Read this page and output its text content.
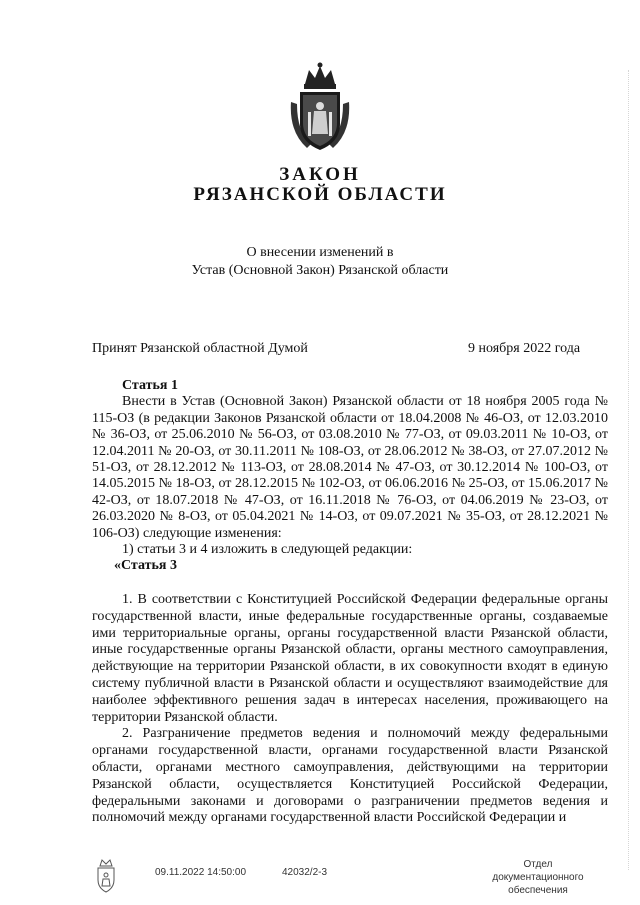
ЗАКОН
РЯЗАНСКОЙ ОБЛАСТИ
О внесении изменений в
Устав (Основной Закон) Рязанской области
Принят Рязанской областной Думой	9 ноября 2022 года
Статья 1

Внести в Устав (Основной Закон) Рязанской области от 18 ноября 2005 года № 115-ОЗ (в редакции Законов Рязанской области от 18.04.2008 № 46-ОЗ, от 12.03.2010 № 36-ОЗ, от 25.06.2010 № 56-ОЗ, от 03.08.2010 № 77-ОЗ, от 09.03.2011 № 10-ОЗ, от 12.04.2011 № 20-ОЗ, от 30.11.2011 № 108-ОЗ, от 28.06.2012 № 38-ОЗ, от 27.07.2012 № 51-ОЗ, от 28.12.2012 № 113-ОЗ, от 28.08.2014 № 47-ОЗ, от 30.12.2014 № 100-ОЗ, от 14.05.2015 № 18-ОЗ, от 28.12.2015 № 102-ОЗ, от 06.06.2016 № 25-ОЗ, от 15.06.2017 № 42-ОЗ, от 18.07.2018 № 47-ОЗ, от 16.11.2018 № 76-ОЗ, от 04.06.2019 № 23-ОЗ, от 26.03.2020 № 8-ОЗ, от 05.04.2021 № 14-ОЗ, от 09.07.2021 № 35-ОЗ, от 28.12.2021 № 106-ОЗ) следующие изменения:

1) статьи 3 и 4 изложить в следующей редакции:
«Статья 3

1. В соответствии с Конституцией Российской Федерации федеральные органы государственной власти, иные федеральные государственные органы, создаваемые ими территориальные органы, органы государственной власти Рязанской области, иные государственные органы Рязанской области, органы местного самоуправления, действующие на территории Рязанской области, в их совокупности входят в единую систему публичной власти в Рязанской области и осуществляют взаимодействие для наиболее эффективного решения задач в интересах населения, проживающего на территории Рязанской области.

2. Разграничение предметов ведения и полномочий между федеральными органами государственной власти, органами государственной власти Рязанской области, органами местного самоуправления, действующими на территории Рязанской области, осуществляется Конституцией Российской Федерации, федеральными законами и договорами о разграничении предметов ведения и полномочий между органами государственной власти Российской Федерации и

09.11.2022 14:50:00	42032/2-3
Отдел документационного
обеспечения
